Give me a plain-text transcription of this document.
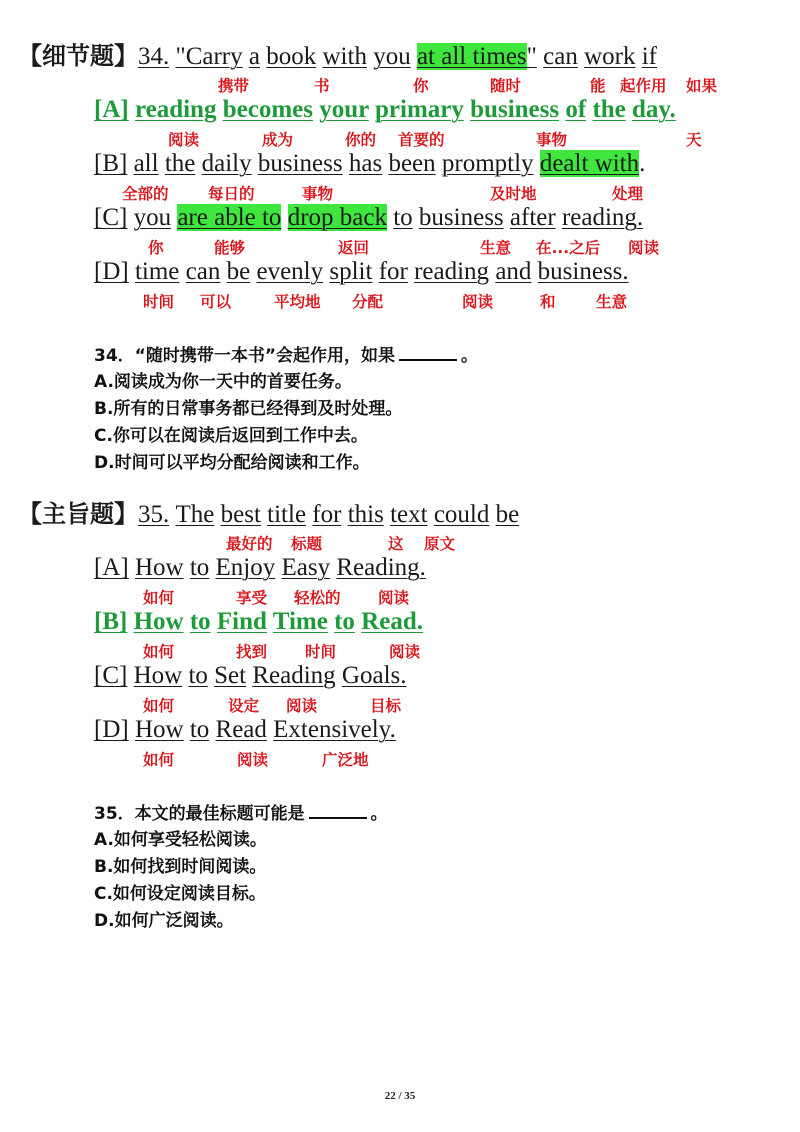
【细节题】34. "Carry a book with you at all times" can work if
携带	书	你	随时	能 起作用 如果
[A] reading becomes your primary business of the day.
阅读	成为	你的 首要的	事物	天
[B] all the daily business has been promptly dealt with.
全部的	每日的	事物	及时地	处理
[C] you are able to drop back to business after reading.
你	能够	返回	生意 在...之后 阅读
[D] time can be evenly split for reading and business.
时间 可以	平均地 分配	阅读	和	生意
34．“随时携带一本书”会起作用，如果	。
A.阅读成为你一天中的首要任务。
B.所有的日常事务都已经得到及时处理。
C.你可以在阅读后返回到工作中去。
D.时间可以平均分配给阅读和工作。
【主旨题】35. The best title for this text could be
最好的 标题	这 原文
[A] How to Enjoy Easy Reading.
如何	享受 轻松的 阅读
[B] How to Find Time to Read.
如何	找到 时间	阅读
[C] How to Set Reading Goals.
如何	设定 阅读	目标
[D] How to Read Extensively.
如何	阅读	广泛地
35．本文的最佳标题可能是	。
A.如何享受轻松阅读。
B.如何找到时间阅读。
C.如何设定阅读目标。
D.如何广泛阅读。
22 / 35
